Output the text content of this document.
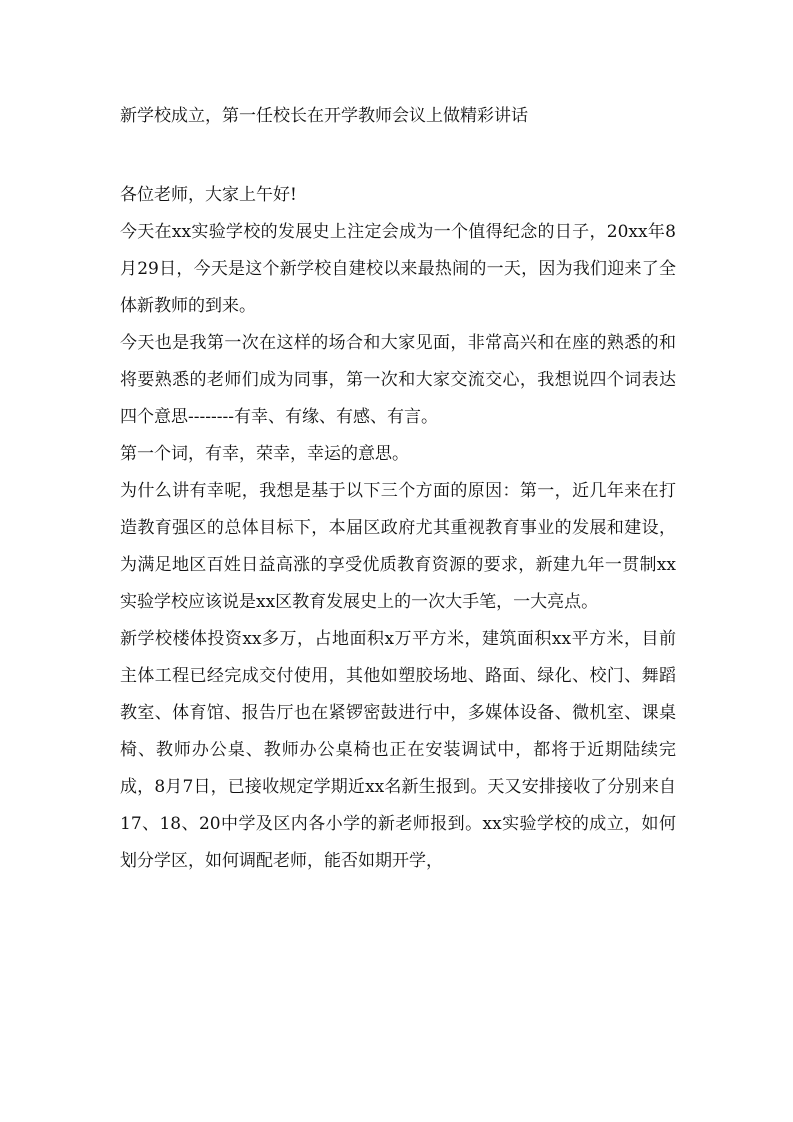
新学校成立，第一任校长在开学教师会议上做精彩讲话

各位老师，大家上午好!

今天在xx实验学校的发展史上注定会成为一个值得纪念的日子，20xx年8月29日，今天是这个新学校自建校以来最热闹的一天，因为我们迎来了全体新教师的到来。

今天也是我第一次在这样的场合和大家见面，非常高兴和在座的熟悉的和将要熟悉的老师们成为同事，第一次和大家交流交心，我想说四个词表达四个意思--------有幸、有缘、有感、有言。

第一个词，有幸，荣幸，幸运的意思。

为什么讲有幸呢，我想是基于以下三个方面的原因：第一，近几年来在打造教育强区的总体目标下，本届区政府尤其重视教育事业的发展和建设，为满足地区百姓日益高涨的享受优质教育资源的要求，新建九年一贯制xx实验学校应该说是xx区教育发展史上的一次大手笔，一大亮点。

新学校楼体投资xx多万，占地面积x万平方米，建筑面积xx平方米，目前主体工程已经完成交付使用，其他如塑胶场地、路面、绿化、校门、舞蹈教室、体育馆、报告厅也在紧锣密鼓进行中，多媒体设备、微机室、课桌椅、教师办公桌、教师办公桌椅也正在安装调试中，都将于近期陆续完成，8月7日，已接收规定学期近xx名新生报到。天又安排接收了分别来自17、18、20中学及区内各小学的新老师报到。xx实验学校的成立，如何划分学区，如何调配老师，能否如期开学，
